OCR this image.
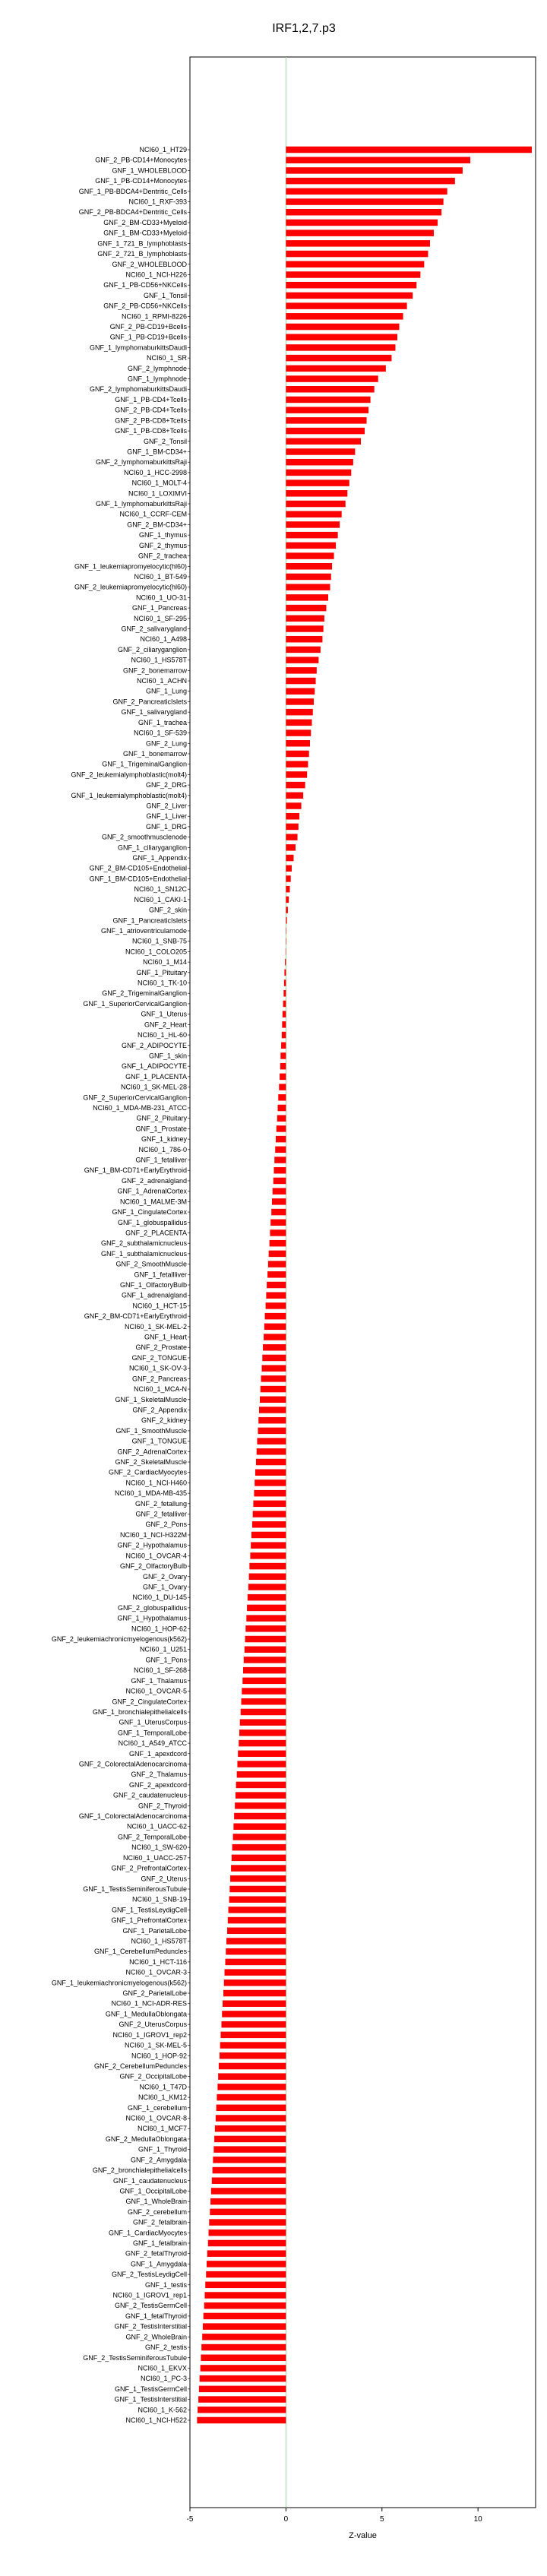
IRF1,2,7.p3
NCI60_1_HT29
GNF_2_PB-CD14+Monocytes
GNF_1_WHOLEBLOOD
GNF_1_PB-CD14+Monocytes
GNF_1_PB-BDCA4+Dentritic_Cells
NCI60_1_RXF-393
GNF_2_PB-BDCA4+Dentritic_Cells
GNF_2_BM-CD33+Myeloid
GNF_1_BM-CD33+Myeloid
GNF_1_721_B_lymphoblasts
GNF_2_721_B_lymphoblasts
GNF_2_WHOLEBLOOD
NCI60_1_NCI-H226
GNF_1_PB-CD56+NKCells
GNF_1_Tonsil
GNF_2_PB-CD56+NKCells
NCI60_1_RPMI-8226
GNF_2_PB-CD19+Bcells
GNF_1_PB-CD19+Bcells
GNF_1_lymphomaburkittsDaudi
NCI60_1_SR
GNF_2_lymphnode
GNF_1_lymphnode
GNF_2_lymphomaburkittsDaudi
GNF_1_PB-CD4+Tcells
GNF_2_PB-CD4+Tcells
GNF_2_PB-CD8+Tcells
GNF_1_PB-CD8+Tcells
GNF_2_Tonsil
GNF_1_BM-CD34+
GNF_2_lymphomaburkittsRaji
NCI60_1_HCC-2998
NCI60_1_MOLT-4
NCI60_1_LOXIMVI
GNF_1_lymphomaburkittsRaji
NCI60_1_CCRF-CEM
GNF_2_BM-CD34+
GNF_1_thymus
GNF_2_thymus
GNF_2_trachea
GNF_1_leukemiapromyelocytic(hl60)
NCI60_1_BT-549
GNF_2_leukemiapromyelocytic(hl60)
NCI60_1_UO-31
GNF_1_Pancreas
NCI60_1_SF-295
GNF_2_salivarygland
NCI60_1_A498
GNF_2_ciliaryganglion
NCI60_1_HS578T
GNF_2_bonemarrow
NCI60_1_ACHN
GNF_1_Lung
GNF_2_PancreaticIslets
GNF_1_salivarygland
GNF_1_trachea
NCI60_1_SF-539
GNF_2_Lung
GNF_1_bonemarrow
GNF_1_TrigeminalGanglion
GNF_2_leukemialymphoblastic(molt4)
GNF_2_DRG
GNF_1_leukemialymphoblastic(molt4)
GNF_2_Liver
GNF_1_Liver
GNF_1_DRG
GNF_2_smoothmusclenode
GNF_1_ciliaryganglion
GNF_1_Appendix
GNF_2_BM-CD105+Endothelial
GNF_1_BM-CD105+Endothelial
NCI60_1_SN12C
NCI60_1_CAKI-1
GNF_2_skin
GNF_1_PancreaticIslets
GNF_1_atrioventricularnode
NCI60_1_SNB-75
NCI60_1_COLO205
NCI60_1_M14
GNF_1_Pituitary
NCI60_1_TK-10
GNF_2_TrigeminalGanglion
GNF_1_SuperiorCervicalGanglion
GNF_1_Uterus
GNF_2_Heart
NCI60_1_HL-60
GNF_2_ADIPOCYTE
GNF_1_skin
GNF_1_ADIPOCYTE
GNF_1_PLACENTA
NCI60_1_SK-MEL-28
GNF_2_SuperiorCervicalGanglion
NCI60_1_MDA-MB-231_ATCC
GNF_2_Pituitary
GNF_1_Prostate
GNF_1_kidney
NCI60_1_786-0
GNF_1_fetalliver
GNF_1_BM-CD71+EarlyErythroid
GNF_2_adrenalgland
GNF_1_AdrenalCortex
NCI60_1_MALME-3M
GNF_1_CingulateCortex
GNF_1_globuspallidus
GNF_2_PLACENTA
GNF_2_subthalamicnucleus
GNF_1_subthalamicnucleus
GNF_2_SmoothMuscle
GNF_1_fetallliver
GNF_1_OlfactoryBulb
GNF_1_adrenalgland
NCI60_1_HCT-15
GNF_2_BM-CD71+EarlyErythroid
NCI60_1_SK-MEL-2
GNF_1_Heart
GNF_2_Prostate
GNF_2_TONGUE
NCI60_1_SK-OV-3
GNF_2_Pancreas
NCI60_1_MCA-N
GNF_1_SkeletalMuscle
GNF_2_Appendix
GNF_2_kidney
GNF_1_SmoothMuscle
GNF_1_TONGUE
GNF_2_AdrenalCortex
GNF_2_SkeletalMuscle
GNF_2_CardiacMyocytes
NCI60_1_NCI-H460
NCI60_1_MDA-MB-435
GNF_2_fetallung
GNF_2_fetalliver
GNF_2_Pons
NCI60_1_NCI-H322M
GNF_2_Hypothalamus
NCI60_1_OVCAR-4
GNF_2_OlfactoryBulb
GNF_2_Ovary
GNF_1_Ovary
NCI60_1_DU-145
GNF_2_globuspallidus
GNF_1_Hypothalamus
NCI60_1_HOP-62
GNF_2_leukemiachronicmyelogenous(k562)
NCI60_1_U251
GNF_1_Pons
NCI60_1_SF-268
GNF_1_Thalamus
NCI60_1_OVCAR-5
GNF_2_CingulateCortex
GNF_1_bronchialepithelialcells
GNF_1_UterusCorpus
GNF_1_TemporalLobe
NCI60_1_A549_ATCC
GNF_1_apexdcord
GNF_2_ColorectalAdenocarcinoma
GNF_2_Thalamus
GNF_2_apexdcord
GNF_2_caudatenucleus
GNF_2_Thyroid
GNF_1_ColorectalAdenocarcinoma
NCI60_1_UACC-62
GNF_2_TemporalLobe
NCI60_1_SW-620
NCI60_1_UACC-257
GNF_2_PrefrontalCortex
GNF_2_Uterus
GNF_1_TestisSeminiferousTubule
NCI60_1_SNB-19
GNF_1_TestisLeydigCell
GNF_1_PrefrontalCortex
GNF_1_ParietalLobe
NCI60_1_HS578T
GNF_1_CerebellumPeduncles
NCI60_1_HCT-116
NCI60_1_OVCAR-3
GNF_1_leukemiachronicmyelogenous(k562)
GNF_2_ParietalLobe
NCI60_1_NCI-ADR-RES
GNF_1_MedullaOblongata
GNF_2_UterusCorpus
NCI60_1_IGROV1_rep2
NCI60_1_SK-MEL-5
NCI60_1_HOP-92
GNF_2_CerebellumPeduncles
GNF_2_OccipitalLobe
NCI60_1_T47D
NCI60_1_KM12
GNF_1_cerebellum
NCI60_1_OVCAR-8
NCI60_1_MCF7
GNF_2_MedullaOblongata
GNF_1_Thyroid
GNF_2_Amygdala
GNF_2_bronchialepithelialcells
GNF_1_caudatenucleus
GNF_1_OccipitalLobe
GNF_1_WholeBrain
GNF_2_cerebellum
GNF_2_fetalbrain
GNF_1_CardiacMyocytes
GNF_1_fetalbrain
GNF_2_fetalThyroid
GNF_1_Amygdala
GNF_2_TestisLeydigCell
GNF_1_testis
NCI60_1_IGROV1_rep1
GNF_2_TestisGermCell
GNF_1_fetalThyroid
GNF_2_TestisInterstitial
GNF_2_WholeBrain
GNF_2_testis
GNF_2_TestisSeminiferousTubule
NCI60_1_EKVX
NCI60_1_PC-3
GNF_1_TestisGermCell
GNF_1_TestisInterstitial
NCI60_1_K-562
NCI60_1_NCI-H522
-5	0	5	10
Z-value
